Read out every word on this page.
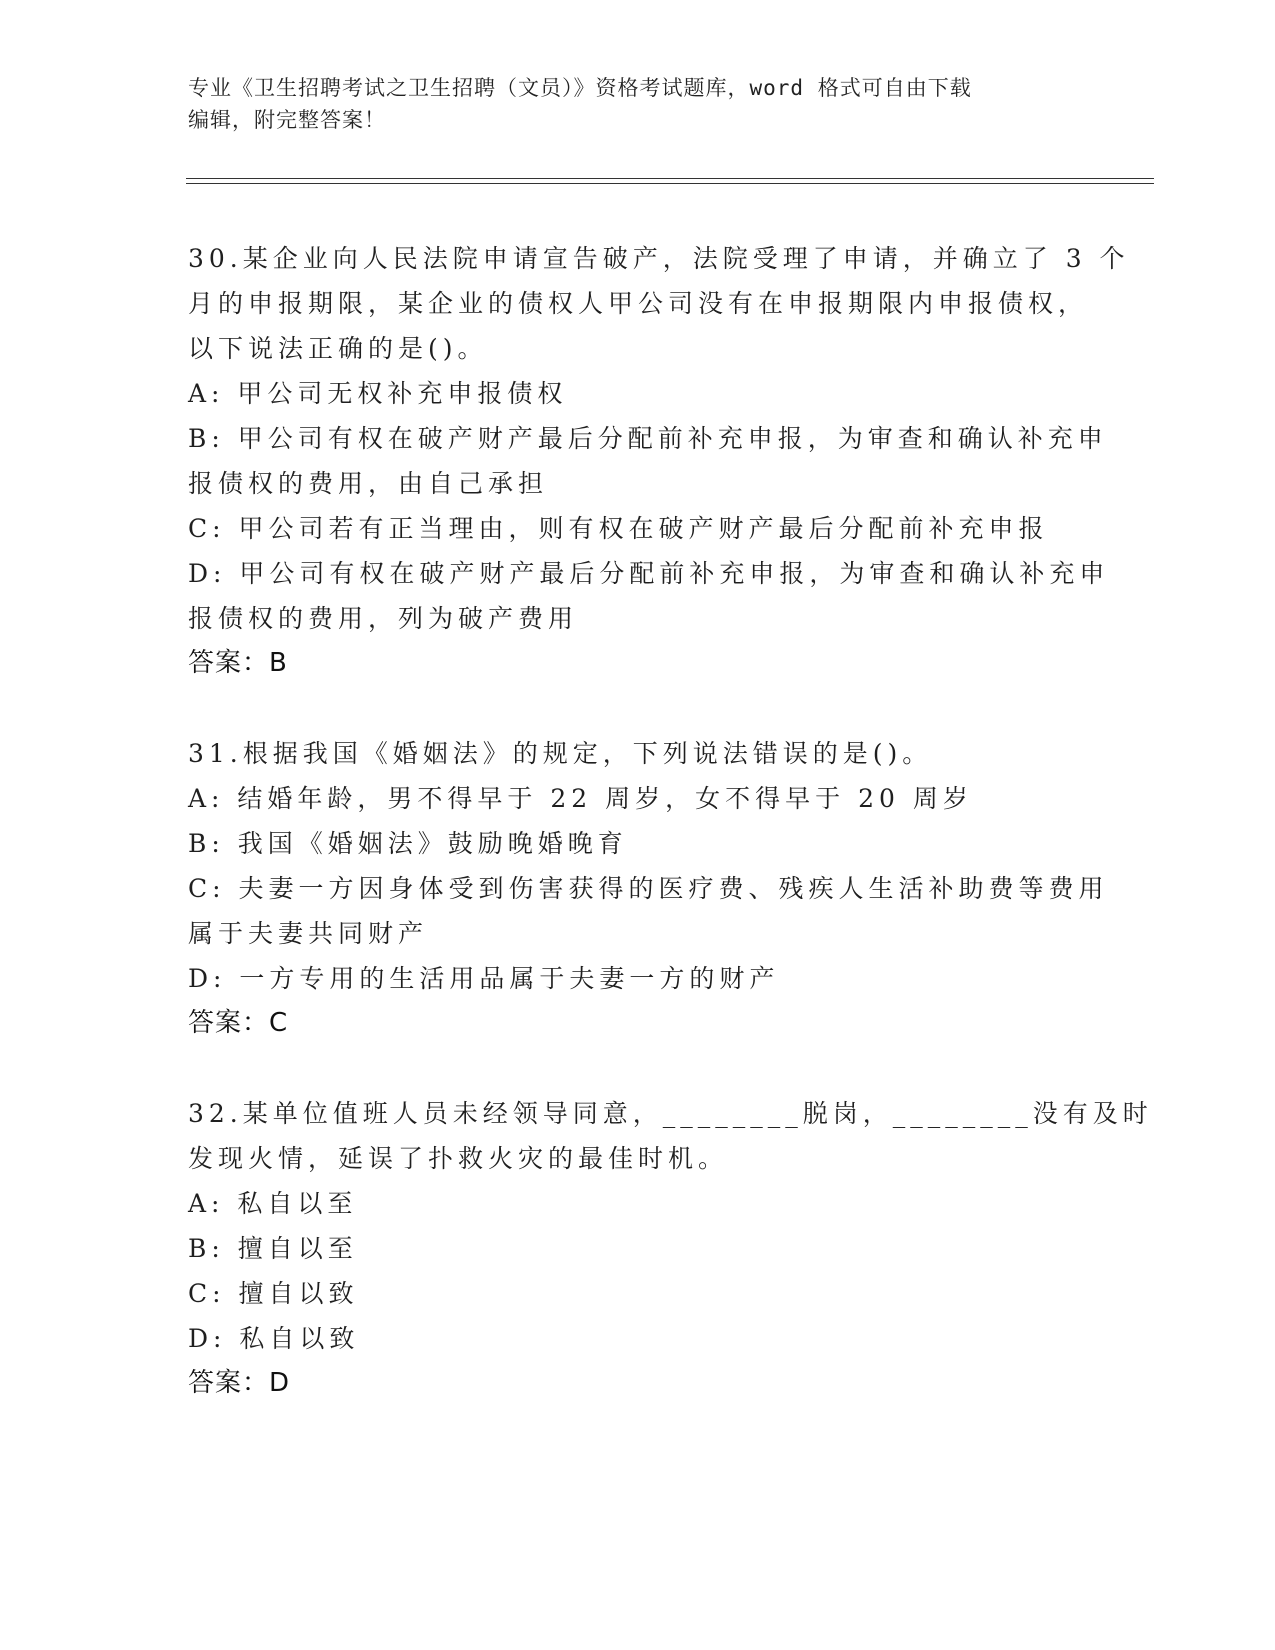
专业《卫生招聘考试之卫生招聘（文员）》资格考试题库，word 格式可自由下载

编辑，附完整答案！

30.某企业向人民法院申请宣告破产，法院受理了申请，并确立了 3 个

月的申报期限，某企业的债权人甲公司没有在申报期限内申报债权，

以下说法正确的是()。

A: 甲公司无权补充申报债权

B: 甲公司有权在破产财产最后分配前补充申报，为审查和确认补充申

报债权的费用，由自己承担

C: 甲公司若有正当理由，则有权在破产财产最后分配前补充申报

D: 甲公司有权在破产财产最后分配前补充申报，为审查和确认补充申

报债权的费用，列为破产费用

答案：B

31.根据我国《婚姻法》的规定，下列说法错误的是()。

A: 结婚年龄，男不得早于 22 周岁，女不得早于 20 周岁

B: 我国《婚姻法》鼓励晚婚晚育

C: 夫妻一方因身体受到伤害获得的医疗费、残疾人生活补助费等费用

属于夫妻共同财产

D: 一方专用的生活用品属于夫妻一方的财产

答案：C

32.某单位值班人员未经领导同意，________脱岗，________没有及时

发现火情，延误了扑救火灾的最佳时机。

A: 私自以至

B: 擅自以至

C: 擅自以致

D: 私自以致

答案：D
